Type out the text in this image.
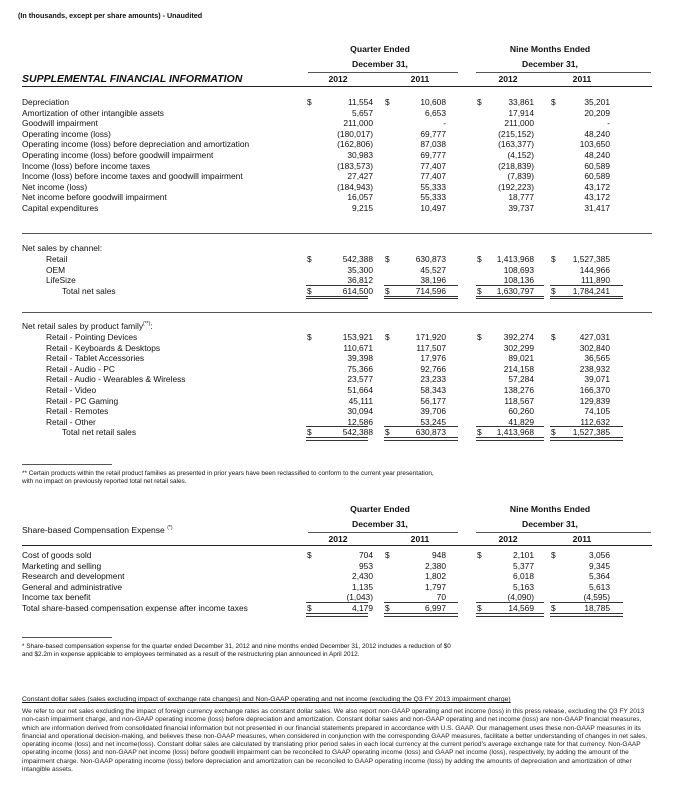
(In thousands, except per share amounts) - Unaudited
Quarter Ended
December 31,
Nine Months Ended
December 31,
2012	2011	2012	2011
SUPPLEMENTAL FINANCIAL INFORMATION
Depreciation	$	11,554 $	10,608	$	33,861 $	35,201
Amortization of other intangible assets	5,657	6,653	17,914	20,209
Goodwill impairment	211,000	-	211,000	-
Operating income (loss)	(180,017)	69,777	(215,152)	48,240
Operating income (loss) before depreciation and amortization	(162,806)	87,038	(163,377)	103,650
Operating income (loss) before goodwill impairment	30,983	69,777	(4,152)	48,240
Income (loss) before income taxes	(183,573)	77,407	(218,839)	60,589
Income (loss) before income taxes and goodwill impairment	27,427	77,407	(7,839)	60,589
Net income (loss)	(184,943)	55,333	(192,223)	43,172
Net income before goodwill impairment	16,057	55,333	18,777	43,172
Capital expenditures	9,215	10,497	39,737	31,417
Net sales by channel:
Retail	$	542,388 $	630,873	$	1,413,968 $	1,527,385
OEM	35,300	45,527	108,693	144,966
LifeSize	36,812	38,196	108,136	111,890
Total net sales	$	614,500 $	714,596	$	1,630,797 $	1,784,241
Net retail sales by product family(**):
Retail - Pointing Devices	$	153,921 $	171,920	$	392,274 $	427,031
Retail - Keyboards & Desktops	110,671	117,507	302,299	302,840
Retail - Tablet Accessories	39,398	17,976	89,021	36,565
Retail - Audio - PC	75,366	92,766	214,158	238,932
Retail - Audio - Wearables & Wireless	23,577	23,233	57,284	39,071
Retail - Video	51,664	58,343	138,276	166,370
Retail - PC Gaming	45,111	56,177	118,567	129,839
Retail - Remotes	30,094	39,706	60,260	74,105
Retail - Other	12,586	53,245	41,829	112,632
Total net retail sales	$	542,388 $	630,873	$	1,413,968 $	1,527,385
** Certain products within the retail product families as presented in prior years have been reclassified to conform to the current year presentation, with no impact on previously reported total net retail sales.
Quarter Ended
December 31,
Nine Months Ended
December 31,
2012	2011	2012	2011
Share-based Compensation Expense (*)
Cost of goods sold	$	704 $	948	$	2,101 $	3,056
Marketing and selling	953	2,380	5,377	9,345
Research and development	2,430	1,802	6,018	5,364
General and administrative	1,135	1,797	5,163	5,613
Income tax benefit	(1,043)	70	(4,090)	(4,595)
Total share-based compensation expense after income taxes	$	4,179 $	6,997	$	14,569 $	18,785
* Share-based compensation expense for the quarter ended December 31, 2012 and nine months ended December 31, 2012 includes a reduction of $0 and $2.2m in expense applicable to employees terminated as a result of the restructuring plan announced in April 2012.
Constant dollar sales (sales excluding impact of exchange rate changes) and Non-GAAP operating and net income (excluding the Q3 FY 2013 impairment charge)
We refer to our net sales excluding the impact of foreign currency exchange rates as constant dollar sales. We also report non-GAAP operating and net income (loss) in this press release, excluding the Q3 FY 2013 non-cash impairment charge, and non-GAAP operating income (loss) before depreciation and amortization. Constant dollar sales and non-GAAP operating and net income (loss) are non-GAAP financial measures, which are information derived from consolidated financial information but not presented in our financial statements prepared in accordance with U.S. GAAP. Our management uses these non-GAAP measures in its financial and operational decision-making, and believes these non-GAAP measures, when considered in conjunction with the corresponding GAAP measures, facilitate a better understanding of changes in net sales, operating income (loss) and net income(loss). Constant dollar sales are calculated by translating prior period sales in each local currency at the current period's average exchange rate for that currency. Non-GAAP operating income (loss) and non-GAAP net income (loss) before goodwill impairment can be reconciled to GAAP operating income (loss) and GAAP net income (loss), respectively, by adding the amount of the impairment charge. Non-GAAP operating income (loss) before depreciation and amortization can be reconciled to GAAP operating income (loss) by adding the amounts of depreciation and amortization of other intangible assets.
